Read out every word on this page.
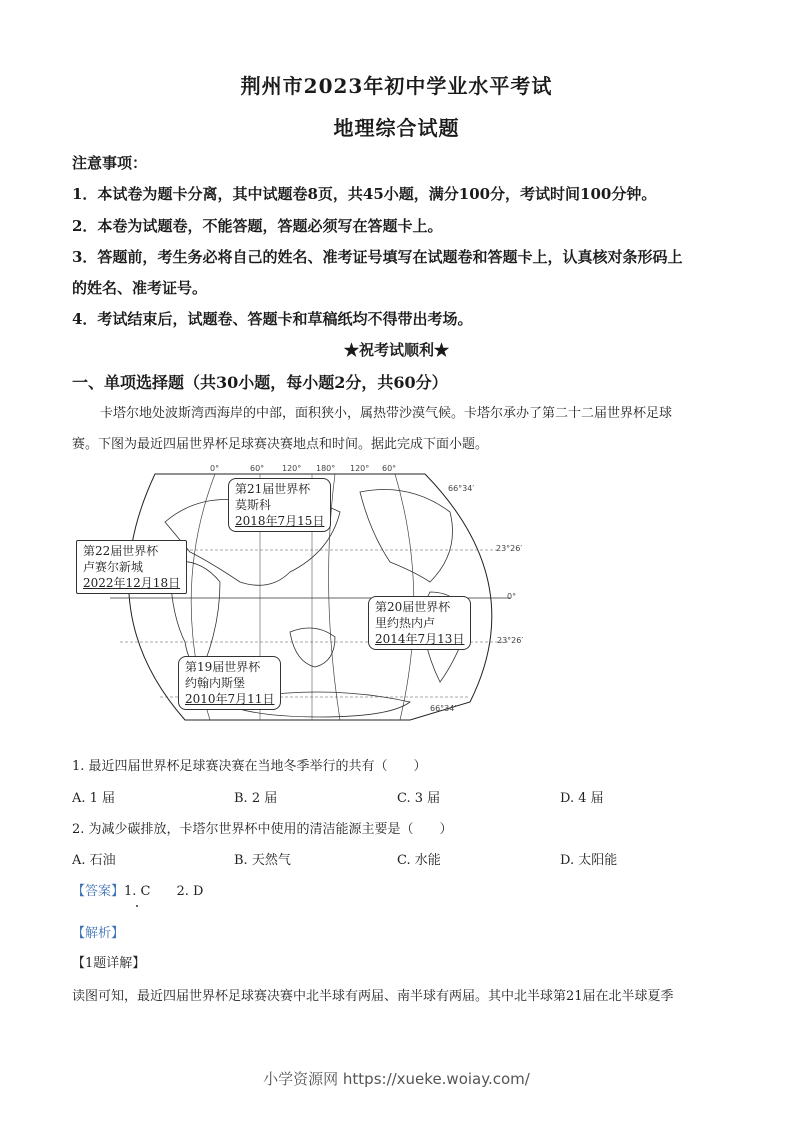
荆州市2023年初中学业水平考试
地理综合试题
注意事项：
1．本试卷为题卡分离，其中试题卷8页，共45小题，满分100分，考试时间100分钟。
2．本卷为试题卷，不能答题，答题必须写在答题卡上。
3．答题前，考生务必将自己的姓名、准考证号填写在试题卷和答题卡上，认真核对条形码上
的姓名、准考证号。
4．考试结束后，试题卷、答题卡和草稿纸均不得带出考场。
★祝考试顺利★
一、单项选择题（共30小题，每小题2分，共60分）
卡塔尔地处波斯湾西海岸的中部，面积狭小，属热带沙漠气候。卡塔尔承办了第二十二届世界杯足球
赛。下图为最近四届世界杯足球赛决赛地点和时间。据此完成下面小题。
0°	60° 120° 180° 120° 60°
66°34′
23°26′
0°
23°26′
66°34′
第21届世界杯
莫斯科
2018年7月15日
第22届世界杯
卢赛尔新城
2022年12月18日
第20届世界杯
里约热内卢
2014年7月13日
第19届世界杯
约翰内斯堡
2010年7月11日
1. 最近四届世界杯足球赛决赛在当地冬季举行的共有（　　）
A. 1 届	B. 2 届	C. 3 届	D. 4 届
2. 为减少碳排放，卡塔尔世界杯中使用的清洁能源主要是（　　）
A. 石油	B. 天然气	C. 水能	D. 太阳能
【答案】1. C　　2. D
【解析】
【1题详解】
读图可知，最近四届世界杯足球赛决赛中北半球有两届、南半球有两届。其中北半球第21届在北半球夏季
小学资源网 https://xueke.woiay.com/
